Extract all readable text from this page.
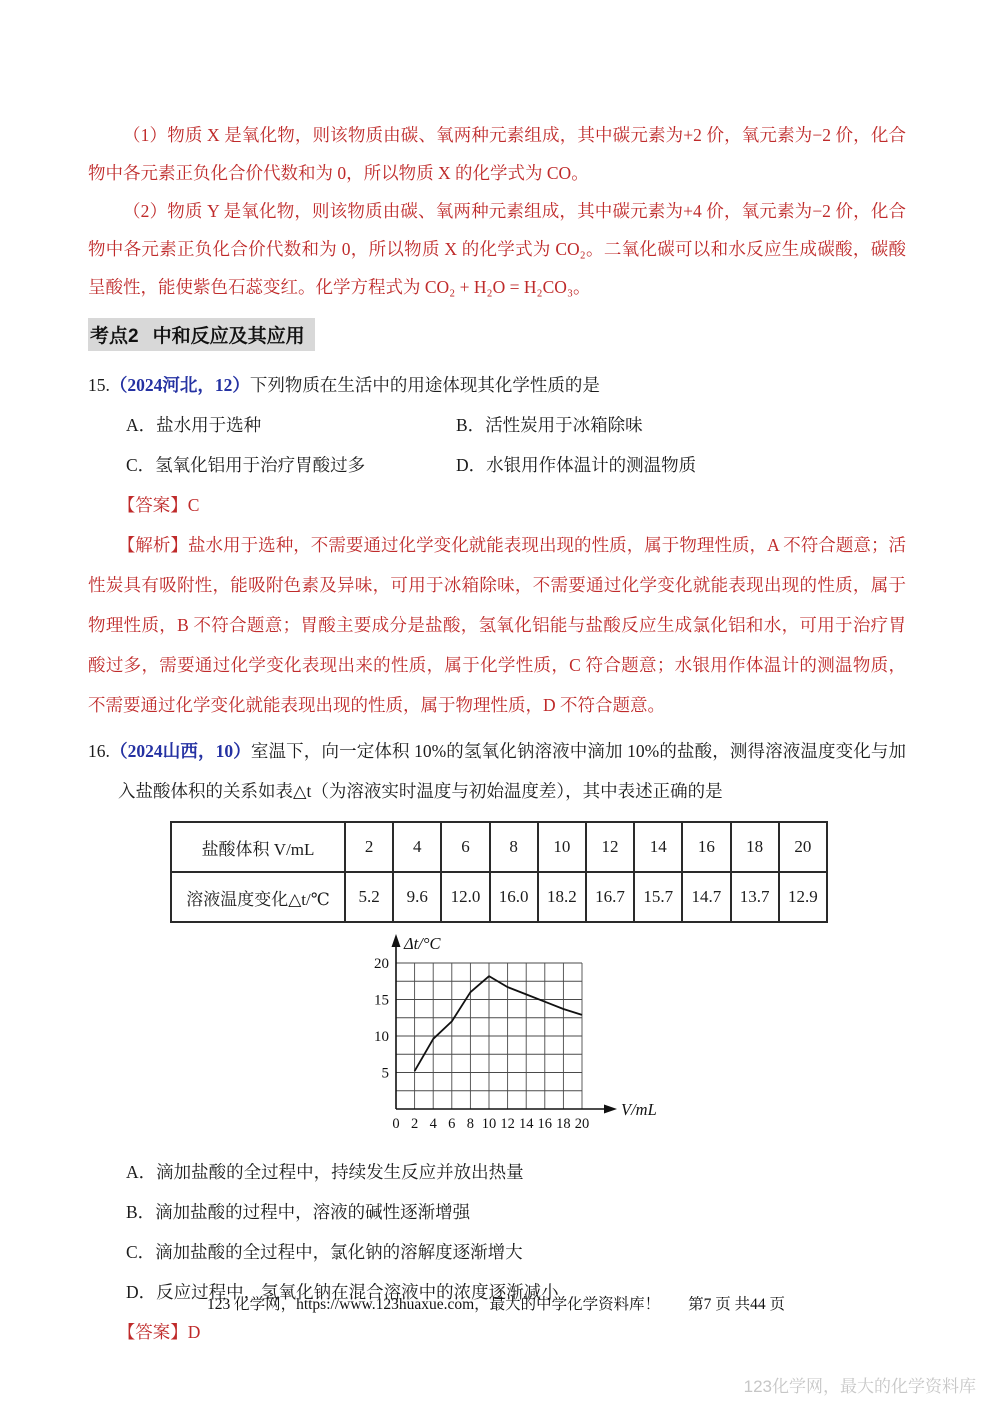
（1）物质 X 是氧化物，则该物质由碳、氧两种元素组成，其中碳元素为+2 价，氧元素为−2 价，化合物中各元素正负化合价代数和为 0，所以物质 X 的化学式为 CO。

（2）物质 Y 是氧化物，则该物质由碳、氧两种元素组成，其中碳元素为+4 价，氧元素为−2 价，化合物中各元素正负化合价代数和为 0，所以物质 X 的化学式为 CO₂。二氧化碳可以和水反应生成碳酸，碳酸呈酸性，能使紫色石蕊变红。化学方程式为 CO₂ + H₂O = H₂CO₃。

考点2 中和反应及其应用

15.（2024河北，12）下列物质在生活中的用途体现其化学性质的是

A．盐水用于选种	B．活性炭用于冰箱除味
C．氢氧化铝用于治疗胃酸过多	D．水银用作体温计的测温物质

【答案】C

【解析】盐水用于选种，不需要通过化学变化就能表现出现的性质，属于物理性质，A 不符合题意；活性炭具有吸附性，能吸附色素及异味，可用于冰箱除味，不需要通过化学变化就能表现出现的性质，属于物理性质，B 不符合题意；胃酸主要成分是盐酸，氢氧化铝能与盐酸反应生成氯化铝和水，可用于治疗胃酸过多，需要通过化学变化表现出来的性质，属于化学性质，C 符合题意；水银用作体温计的测温物质，不需要通过化学变化就能表现出现的性质，属于物理性质，D 不符合题意。

16.（2024山西，10）室温下，向一定体积 10%的氢氧化钠溶液中滴加 10%的盐酸，测得溶液温度变化与加入盐酸体积的关系如表△t（为溶液实时温度与初始温度差），其中表述正确的是

盐酸体积 V/mL	2	4	6	8	10	12	14	16	18	20
溶液温度变化△t/℃	5.2	9.6	12.0	16.0	18.2	16.7	15.7	14.7	13.7	12.9
0 2 4 6 8 10 12 14 16 18 20
5
10
15
20
Δt/°C
V/mL
A．滴加盐酸的全过程中，持续发生反应并放出热量
B．滴加盐酸的过程中，溶液的碱性逐渐增强
C．滴加盐酸的全过程中，氯化钠的溶解度逐渐增大
D．反应过程中，氢氧化钠在混合溶液中的浓度逐渐减小

【答案】D

123 化学网，https://www.123huaxue.com，最大的中学化学资料库！ 第7 页 共44 页
123化学网，最大的化学资料库
